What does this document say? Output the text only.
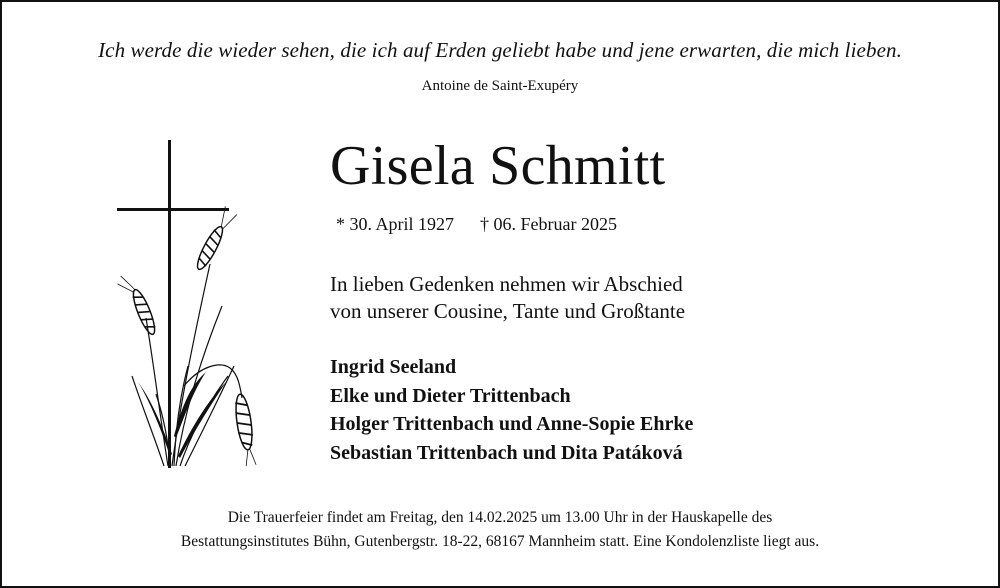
Ich werde die wieder sehen, die ich auf Erden geliebt habe und jene erwarten, die mich lieben.
Antoine de Saint-Exupéry
Gisela Schmitt
* 30. April 1927 † 06. Februar 2025
In lieben Gedenken nehmen wir Abschied
von unserer Cousine, Tante und Großtante
Ingrid Seeland
Elke und Dieter Trittenbach
Holger Trittenbach und Anne-Sopie Ehrke
Sebastian Trittenbach und Dita Patáková
Die Trauerfeier findet am Freitag, den 14.02.2025 um 13.00 Uhr in der Hauskapelle des
Bestattungsinstitutes Bühn, Gutenbergstr. 18-22, 68167 Mannheim statt. Eine Kondolenzliste liegt aus.
